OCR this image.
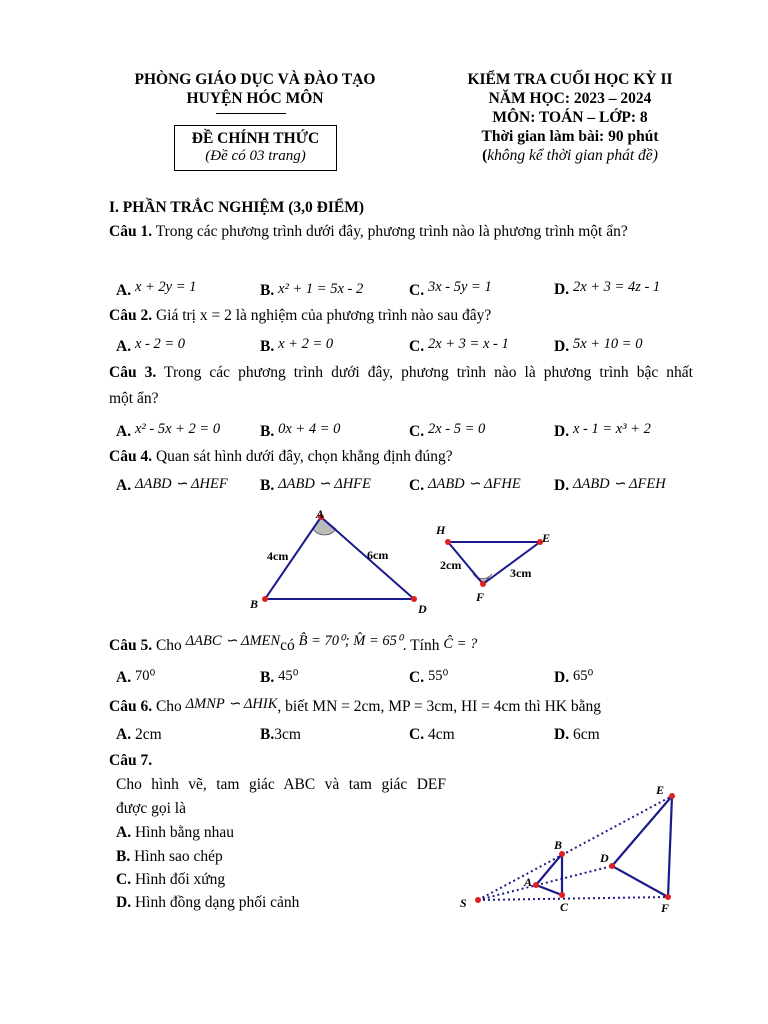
PHÒNG GIÁO DỤC VÀ ĐÀO TẠO
HUYỆN HÓC MÔN
ĐỀ CHÍNH THỨC
(Đề có 03 trang)
KIỂM TRA CUỐI HỌC KỲ II
NĂM HỌC: 2023 – 2024
MÔN: TOÁN – LỚP: 8
Thời gian làm bài: 90 phút
(không kể thời gian phát đề)
I. PHẦN TRẮC NGHIỆM (3,0 ĐIỂM)
Câu 1. Trong các phương trình dưới đây, phương trình nào là phương trình một ẩn?
A. x + 2y = 1	B. x² + 1 = 5x - 2	C. 3x - 5y = 1	D. 2x + 3 = 4z - 1
Câu 2. Giá trị x = 2 là nghiệm của phương trình nào sau đây?
A. x - 2 = 0	B. x + 2 = 0	C. 2x + 3 = x - 1	D. 5x + 10 = 0
Câu 3. Trong các phương trình dưới đây, phương trình nào là phương trình bậc nhất
một ẩn?
A. x² - 5x + 2 = 0	B. 0x + 4 = 0	C. 2x - 5 = 0	D. x - 1 = x³ + 2
Câu 4. Quan sát hình dưới đây, chọn khẳng định đúng?
A. ΔABD ∽ ΔHEF B. ΔABD ∽ ΔHFE C. ΔABD ∽ ΔFHE D. ΔABD ∽ ΔFEH
A
B	D
4cm	6cm
H
E
F
2cm
3cm
Câu 5. Cho ΔABC ∽ ΔMENcó B̂ = 70⁰; M̂ = 65⁰. Tính Ĉ = ?
A. 70⁰	B. 45⁰	C. 55⁰	D. 65⁰
Câu 6. Cho ΔMNP ∽ ΔHIK, biết MN = 2cm, MP = 3cm, HI = 4cm thì HK bằng
A. 2cm	B.3cm	C. 4cm	D. 6cm
Câu 7.
Cho hình vẽ, tam giác ABC và tam giác DEF
được gọi là
A. Hình bằng nhau
B. Hình sao chép
C. Hình đối xứng
D. Hình đồng dạng phối cảnh	S
A
B
C
D
E
F
